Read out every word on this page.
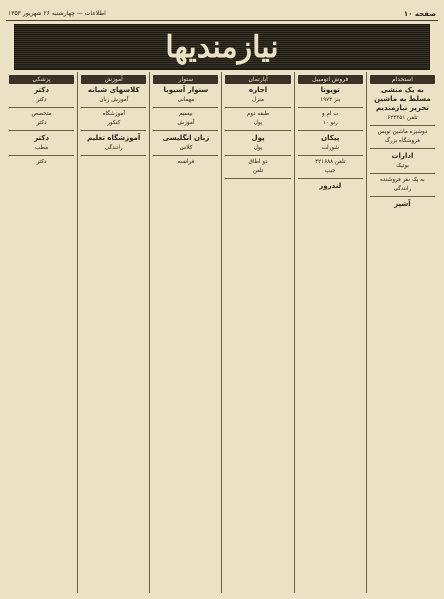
صفحه ۱۰
اطلاعات — چهارشنبه ۲۶ شهریور ۱۳۵۳
نیازمندیها
استخدام
به یک منشی مسلط به ماشین تحریر نیازمندیم
تلفن ۶۲۴۳۵۱
دوشیزه ماشین نویس
فروشگاه بزرگ
ادارات
بوتیک
به یک نفر فروشنده
رانندگی
آشپز
فروش اتومبیل
تویوتا
بنز ۱۹۷۲
ب ام و
رنو ۱۰
پیکان
شورلت
تلفن ۴۲۱۶۸۸
جیپ
لندرور
آپارتمان
اجاره
منزل
طبقه دوم
پول
پول
پول
دو اطاق
تلفن
ستوار
ستوار آسیوبا
مهمانی
بیسیم
آموزش
زبان انگلیسی
کلاس
فرانسه
آموزش
کلاسهای شبانه
آموزش زبان
آموزشگاه
کنکور
آموزشگاه تعلیم
رانندگی
پزشکی
دکتر
دکتر
متخصص
دکتر
دکتر
مطب
دکتر
